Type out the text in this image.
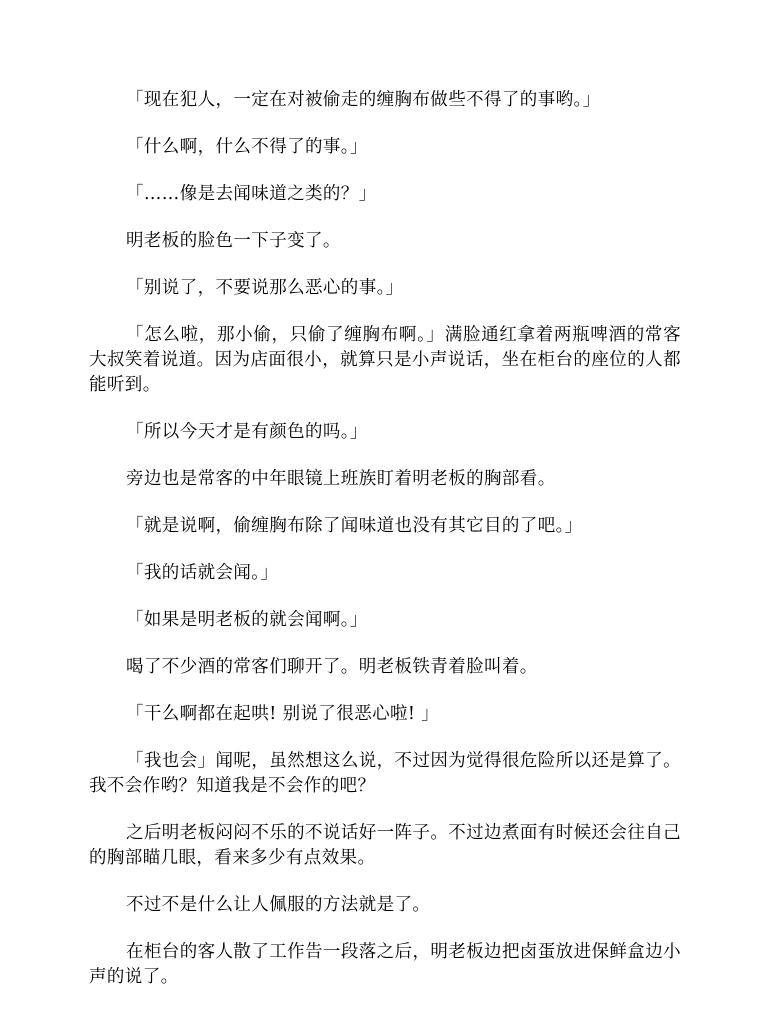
「现在犯人，一定在对被偷走的缠胸布做些不得了的事哟。」

「什么啊，什么不得了的事。」

「……像是去闻味道之类的？」

明老板的脸色一下子变了。

「别说了，不要说那么恶心的事。」

「怎么啦，那小偷，只偷了缠胸布啊。」满脸通红拿着两瓶啤酒的常客大叔笑着说道。因为店面很小，就算只是小声说话，坐在柜台的座位的人都能听到。

「所以今天才是有颜色的吗。」

旁边也是常客的中年眼镜上班族盯着明老板的胸部看。

「就是说啊，偷缠胸布除了闻味道也没有其它目的了吧。」

「我的话就会闻。」

「如果是明老板的就会闻啊。」

喝了不少酒的常客们聊开了。明老板铁青着脸叫着。

「干么啊都在起哄! 别说了很恶心啦! 」

「我也会」闻呢，虽然想这么说，不过因为觉得很危险所以还是算了。我不会作哟？知道我是不会作的吧？

之后明老板闷闷不乐的不说话好一阵子。不过边煮面有时候还会往自己的胸部瞄几眼，看来多少有点效果。

不过不是什么让人佩服的方法就是了。

在柜台的客人散了工作告一段落之后，明老板边把卤蛋放进保鲜盒边小声的说了。
